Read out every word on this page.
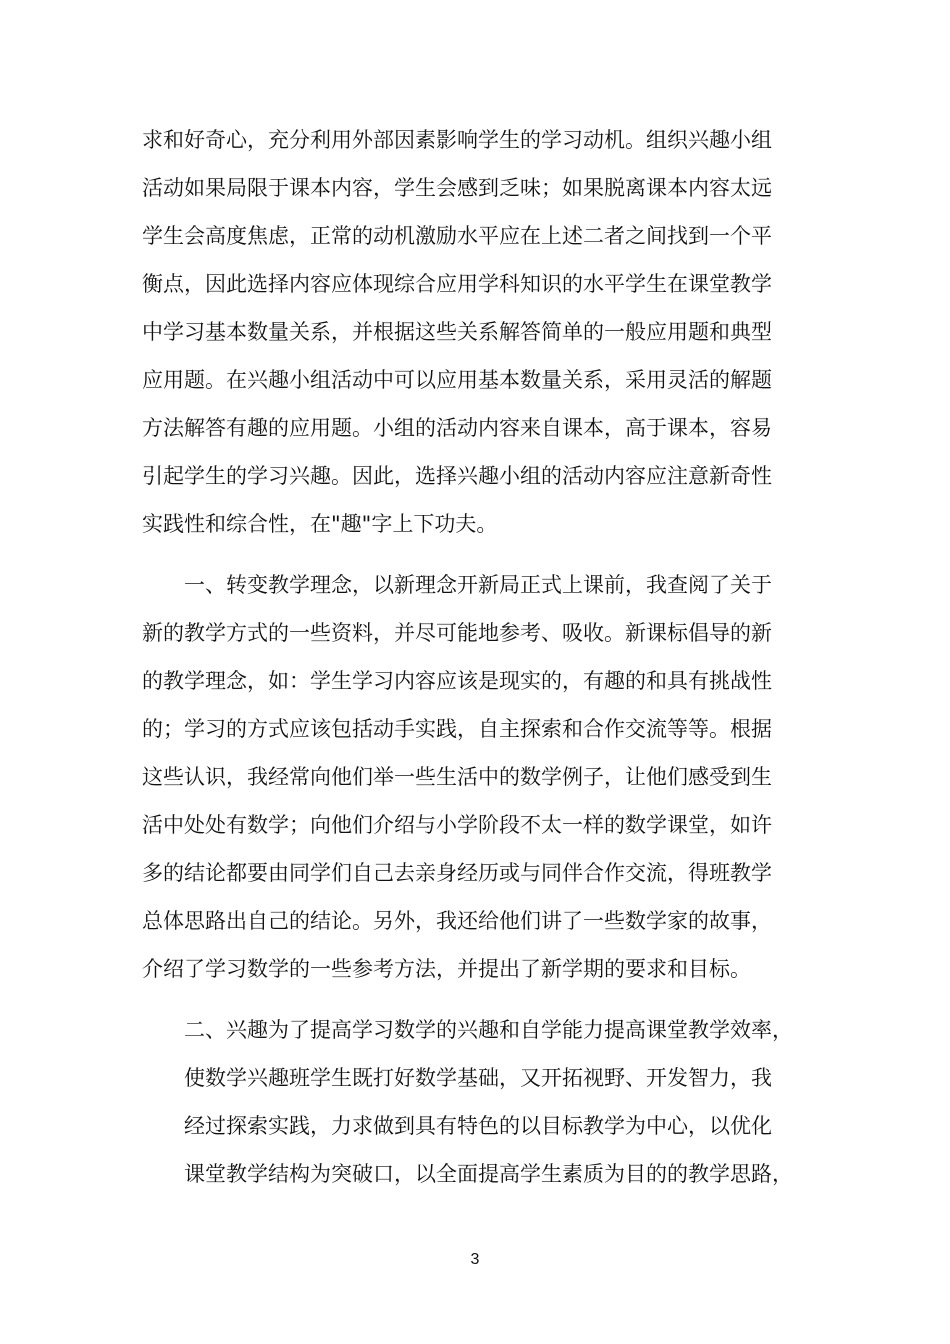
求和好奇心，充分利用外部因素影响学生的学习动机。组织兴趣小组
活动如果局限于课本内容，学生会感到乏味；如果脱离课本内容太远
学生会高度焦虑，正常的动机激励水平应在上述二者之间找到一个平
衡点，因此选择内容应体现综合应用学科知识的水平学生在课堂教学
中学习基本数量关系，并根据这些关系解答简单的一般应用题和典型
应用题。在兴趣小组活动中可以应用基本数量关系，采用灵活的解题
方法解答有趣的应用题。小组的活动内容来自课本，高于课本，容易
引起学生的学习兴趣。因此，选择兴趣小组的活动内容应注意新奇性
实践性和综合性，在"趣"字上下功夫。
一、转变教学理念，以新理念开新局正式上课前，我查阅了关于
新的教学方式的一些资料，并尽可能地参考、吸收。新课标倡导的新
的教学理念，如：学生学习内容应该是现实的，有趣的和具有挑战性
的；学习的方式应该包括动手实践，自主探索和合作交流等等。根据
这些认识，我经常向他们举一些生活中的数学例子，让他们感受到生
活中处处有数学；向他们介绍与小学阶段不太一样的数学课堂，如许
多的结论都要由同学们自己去亲身经历或与同伴合作交流，得班教学
总体思路出自己的结论。另外，我还给他们讲了一些数学家的故事，
介绍了学习数学的一些参考方法，并提出了新学期的要求和目标。
二、兴趣为了提高学习数学的兴趣和自学能力提高课堂教学效率，
使数学兴趣班学生既打好数学基础，又开拓视野、开发智力，我
经过探索实践，力求做到具有特色的以目标教学为中心，以优化
课堂教学结构为突破口，以全面提高学生素质为目的的教学思路，
3
